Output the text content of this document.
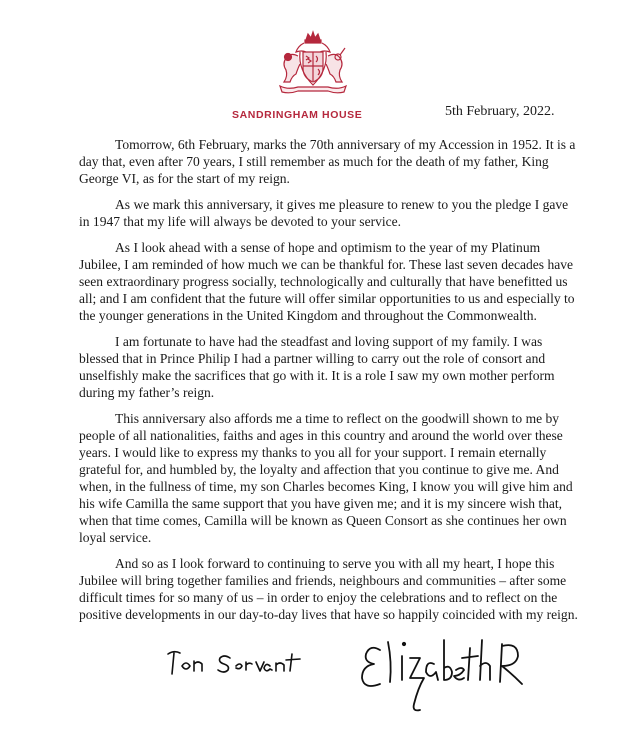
SANDRINGHAM HOUSE	5th February, 2022.

Tomorrow, 6th February, marks the 70th anniversary of my Accession in 1952. It is a day that, even after 70 years, I still remember as much for the death of my father, King George VI, as for the start of my reign.

As we mark this anniversary, it gives me pleasure to renew to you the pledge I gave in 1947 that my life will always be devoted to your service.

As I look ahead with a sense of hope and optimism to the year of my Platinum Jubilee, I am reminded of how much we can be thankful for. These last seven decades have seen extraordinary progress socially, technologically and culturally that have benefitted us all; and I am confident that the future will offer similar opportunities to us and especially to the younger generations in the United Kingdom and throughout the Commonwealth.

I am fortunate to have had the steadfast and loving support of my family. I was blessed that in Prince Philip I had a partner willing to carry out the role of consort and unselfishly make the sacrifices that go with it. It is a role I saw my own mother perform during my father’s reign.

This anniversary also affords me a time to reflect on the goodwill shown to me by people of all nationalities, faiths and ages in this country and around the world over these years. I would like to express my thanks to you all for your support. I remain eternally grateful for, and humbled by, the loyalty and affection that you continue to give me. And when, in the fullness of time, my son Charles becomes King, I know you will give him and his wife Camilla the same support that you have given me; and it is my sincere wish that, when that time comes, Camilla will be known as Queen Consort as she continues her own loyal service.

And so as I look forward to continuing to serve you with all my heart, I hope this Jubilee will bring together families and friends, neighbours and communities – after some difficult times for so many of us – in order to enjoy the celebrations and to reflect on the positive developments in our day-to-day lives that have so happily coincided with my reign.
